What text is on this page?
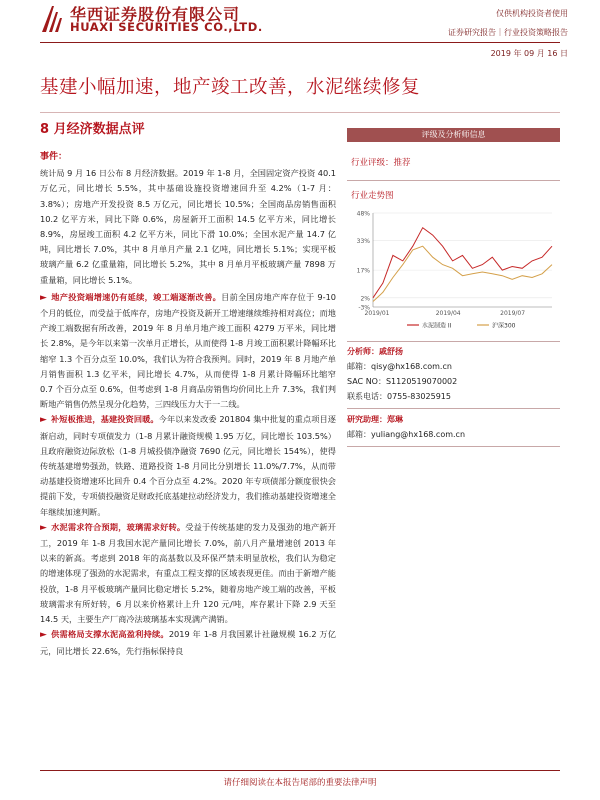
华西证券股份有限公司
HUAXI SECURITIES CO.,LTD.
仅供机构投资者使用
证券研究报告｜行业投资策略报告
2019 年 09 月 16 日
基建小幅加速，地产竣工改善，水泥继续修复
8 月经济数据点评
事件：

统计局 9 月 16 日公布 8 月经济数据。2019 年 1-8 月，全国固定资产投资 40.1 万亿元，同比增长 5.5%，其中基础设施投资增速回升至 4.2%（1-7 月：3.8%）；房地产开发投资 8.5 万亿元，同比增长 10.5%；全国商品房销售面积 10.2 亿平方米，同比下降 0.6%，房屋新开工面积 14.5 亿平方米，同比增长 8.9%，房屋竣工面积 4.2 亿平方米，同比下滑 10.0%；全国水泥产量 14.7 亿吨，同比增长 7.0%，其中 8 月单月产量 2.1 亿吨，同比增长 5.1%；实现平板玻璃产量 6.2 亿重量箱，同比增长 5.2%，其中 8 月单月平板玻璃产量 7898 万重量箱，同比增长 5.1%。

► 地产投资端增速仍有延续，竣工端逐渐改善。目前全国房地产库存位于 9-10 个月的低位，而受益于低库存，房地产投资及新开工增速继续维持相对高位；而地产竣工端数据有所改善，2019 年 8 月单月地产竣工面积 4279 万平米，同比增长 2.8%，是今年以来第一次单月正增长，从而使得 1-8 月竣工面积累计降幅环比缩窄 1.3 个百分点至 10.0%，我们认为符合我预判。同时，2019 年 8 月地产单月销售面积 1.3 亿平米，同比增长 4.7%，从而使得 1-8 月累计降幅环比缩窄 0.7 个百分点至 0.6%，但考虑到 1-8 月商品房销售均价同比上升 7.3%，我们判断地产销售仍然呈现分化趋势，三四线压力大于一二线。

► 补短板推进，基建投资回暖。今年以来发改委 201804 集中批复的重点项目逐渐启动，同时专项债发力（1-8 月累计融资规模 1.95 万亿，同比增长 103.5%）且政府融资边际放松（1-8 月城投债净融资 7690 亿元，同比增长 154%），使得传统基建增势强劲，铁路、道路投资 1-8 月同比分别增长 11.0%/7.7%，从而带动基建投资增速环比回升 0.4 个百分点至 4.2%。2020 年专项债部分额度很快会提前下发，专项债投融资足财政托底基建拉动经济发力，我们推动基建投资增速全年继续加速判断。

► 水泥需求符合预期，玻璃需求好转。受益于传统基建的发力及强劲的地产新开工，2019 年 1-8 月我国水泥产量同比增长 7.0%，前八月产量增速创 2013 年以来的新高。考虑到 2018 年的高基数以及环保严禁未明显放松，我们认为稳定的增速体现了强劲的水泥需求，有重点工程支撑的区域表现更佳。而由于新增产能投放，1-8 月平板玻璃产量同比稳定增长 5.2%，随着房地产竣工端的改善，平板玻璃需求有所好转，6 月以来价格累计上升 120 元/吨，库存累计下降 2.9 天至 14.5 天，主要生产厂商冷法玻璃基本实现满产满销。

► 供需格局支撑水泥高盈利持续。2019 年 1-8 月我国累计社融规模 16.2 万亿元，同比增长 22.6%，先行指标保持良

评级及分析师信息
行业评级：推荐
行业走势图
48%
33%
17%
2%
-3%
2019/01	2019/04	2019/07
水泥制造 II	沪深300
分析师：戚舒扬
邮箱：qisy@hx168.com.cn
SAC NO：S1120519070002
联系电话：0755-83025915
研究助理：郑琳
邮箱：yuliang@hx168.com.cn
请仔细阅读在本报告尾部的重要法律声明
